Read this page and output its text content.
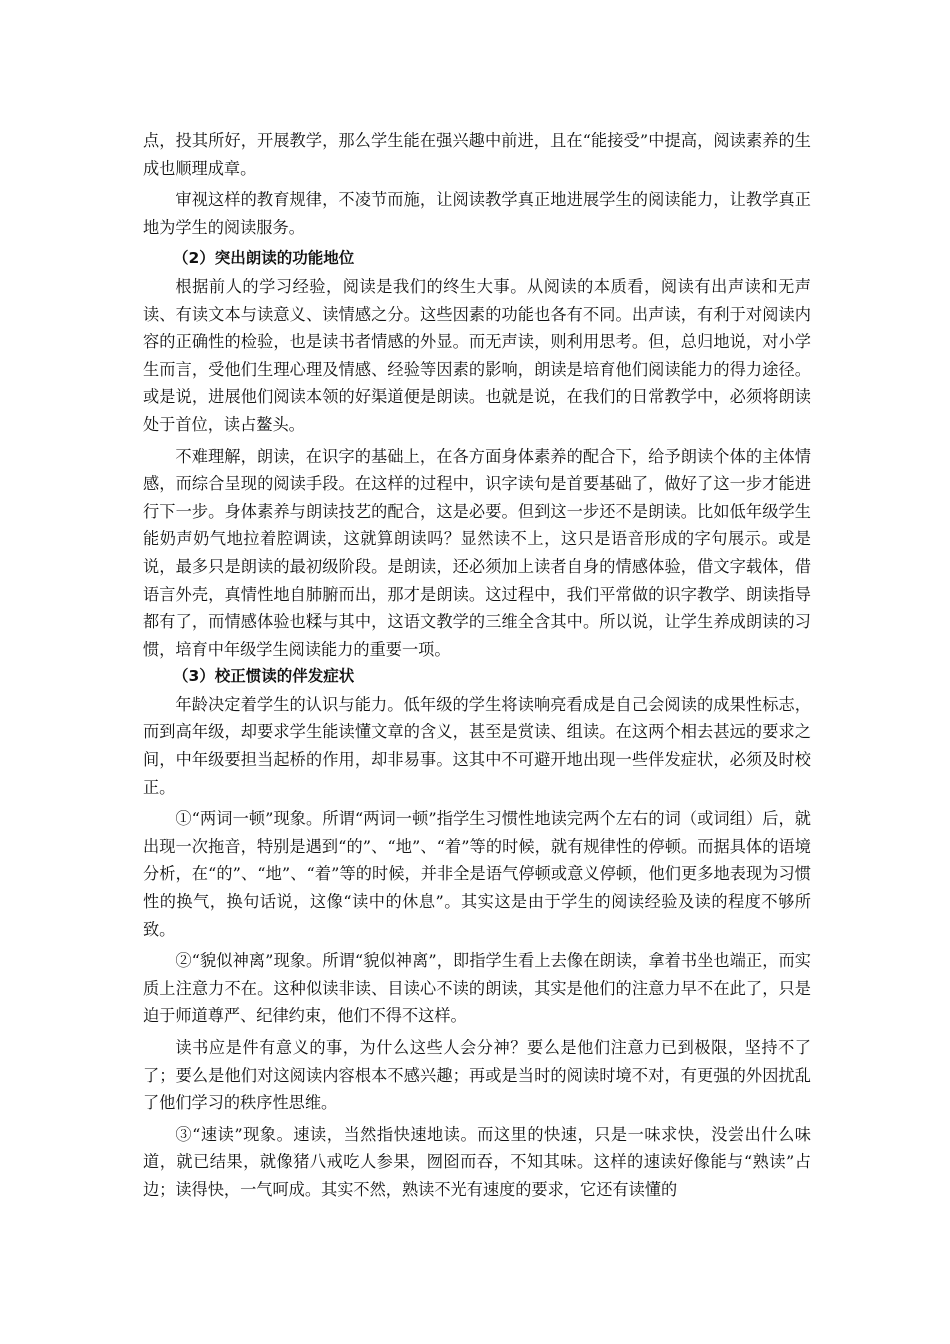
点，投其所好，开展教学，那么学生能在强兴趣中前进，且在“能接受”中提高，阅读素养的生成也顺理成章。

审视这样的教育规律，不凌节而施，让阅读教学真正地进展学生的阅读能力，让教学真正地为学生的阅读服务。

（2）突出朗读的功能地位

根据前人的学习经验，阅读是我们的终生大事。从阅读的本质看，阅读有出声读和无声读、有读文本与读意义、读情感之分。这些因素的功能也各有不同。出声读，有利于对阅读内容的正确性的检验，也是读书者情感的外显。而无声读，则利用思考。但，总归地说，对小学生而言，受他们生理心理及情感、经验等因素的影响，朗读是培育他们阅读能力的得力途径。或是说，进展他们阅读本领的好渠道便是朗读。也就是说，在我们的日常教学中，必须将朗读处于首位，读占鳌头。

不难理解，朗读，在识字的基础上，在各方面身体素养的配合下，给予朗读个体的主体情感，而综合呈现的阅读手段。在这样的过程中，识字读句是首要基础了，做好了这一步才能进行下一步。身体素养与朗读技艺的配合，这是必要。但到这一步还不是朗读。比如低年级学生能奶声奶气地拉着腔调读，这就算朗读吗？显然读不上，这只是语音形成的字句展示。或是说，最多只是朗读的最初级阶段。是朗读，还必须加上读者自身的情感体验，借文字载体，借语言外壳，真情性地自肺腑而出，那才是朗读。这过程中，我们平常做的识字教学、朗读指导都有了，而情感体验也糅与其中，这语文教学的三维全含其中。所以说，让学生养成朗读的习惯，培育中年级学生阅读能力的重要一项。

（3）校正惯读的伴发症状

年龄决定着学生的认识与能力。低年级的学生将读响亮看成是自己会阅读的成果性标志，而到高年级，却要求学生能读懂文章的含义，甚至是赏读、组读。在这两个相去甚远的要求之间，中年级要担当起桥的作用，却非易事。这其中不可避开地出现一些伴发症状，必须及时校正。

①“两词一顿”现象。所谓“两词一顿”指学生习惯性地读完两个左右的词（或词组）后，就出现一次拖音，特别是遇到“的”、“地”、“着”等的时候，就有规律性的停顿。而据具体的语境分析，在“的”、“地”、“着”等的时候，并非全是语气停顿或意义停顿，他们更多地表现为习惯性的换气，换句话说，这像“读中的休息”。其实这是由于学生的阅读经验及读的程度不够所致。

②“貌似神离”现象。所谓“貌似神离”，即指学生看上去像在朗读，拿着书坐也端正，而实质上注意力不在。这种似读非读、目读心不读的朗读，其实是他们的注意力早不在此了，只是迫于师道尊严、纪律约束，他们不得不这样。

读书应是件有意义的事，为什么这些人会分神？要么是他们注意力已到极限，坚持不了了；要么是他们对这阅读内容根本不感兴趣；再或是当时的阅读时境不对，有更强的外因扰乱了他们学习的秩序性思维。

③“速读”现象。速读，当然指快速地读。而这里的快速，只是一味求快，没尝出什么味道，就已结果，就像猪八戒吃人参果，囫囵而吞，不知其味。这样的速读好像能与“熟读”占边；读得快，一气呵成。其实不然，熟读不光有速度的要求，它还有读懂的
